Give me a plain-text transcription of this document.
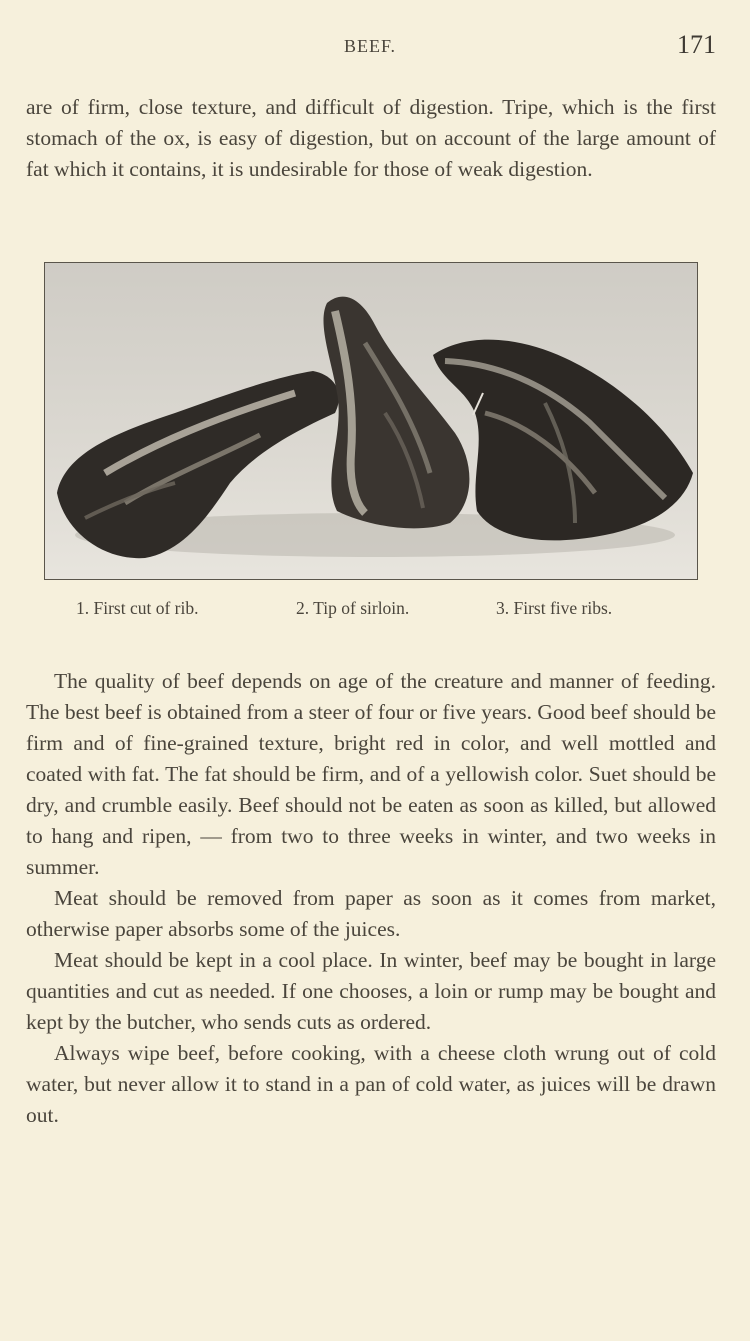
BEEF.	171

are of firm, close texture, and difficult of digestion. Tripe, which is the first stomach of the ox, is easy of digestion, but on account of the large amount of fat which it contains, it is undesirable for those of weak digestion.

1. First cut of rib.	2. Tip of sirloin.	3. First five ribs.

The quality of beef depends on age of the creature and manner of feeding. The best beef is obtained from a steer of four or five years. Good beef should be firm and of fine-grained texture, bright red in color, and well mottled and coated with fat. The fat should be firm, and of a yellowish color. Suet should be dry, and crumble easily. Beef should not be eaten as soon as killed, but allowed to hang and ripen, — from two to three weeks in winter, and two weeks in summer.

Meat should be removed from paper as soon as it comes from market, otherwise paper absorbs some of the juices.

Meat should be kept in a cool place. In winter, beef may be bought in large quantities and cut as needed. If one chooses, a loin or rump may be bought and kept by the butcher, who sends cuts as ordered.

Always wipe beef, before cooking, with a cheese cloth wrung out of cold water, but never allow it to stand in a pan of cold water, as juices will be drawn out.
